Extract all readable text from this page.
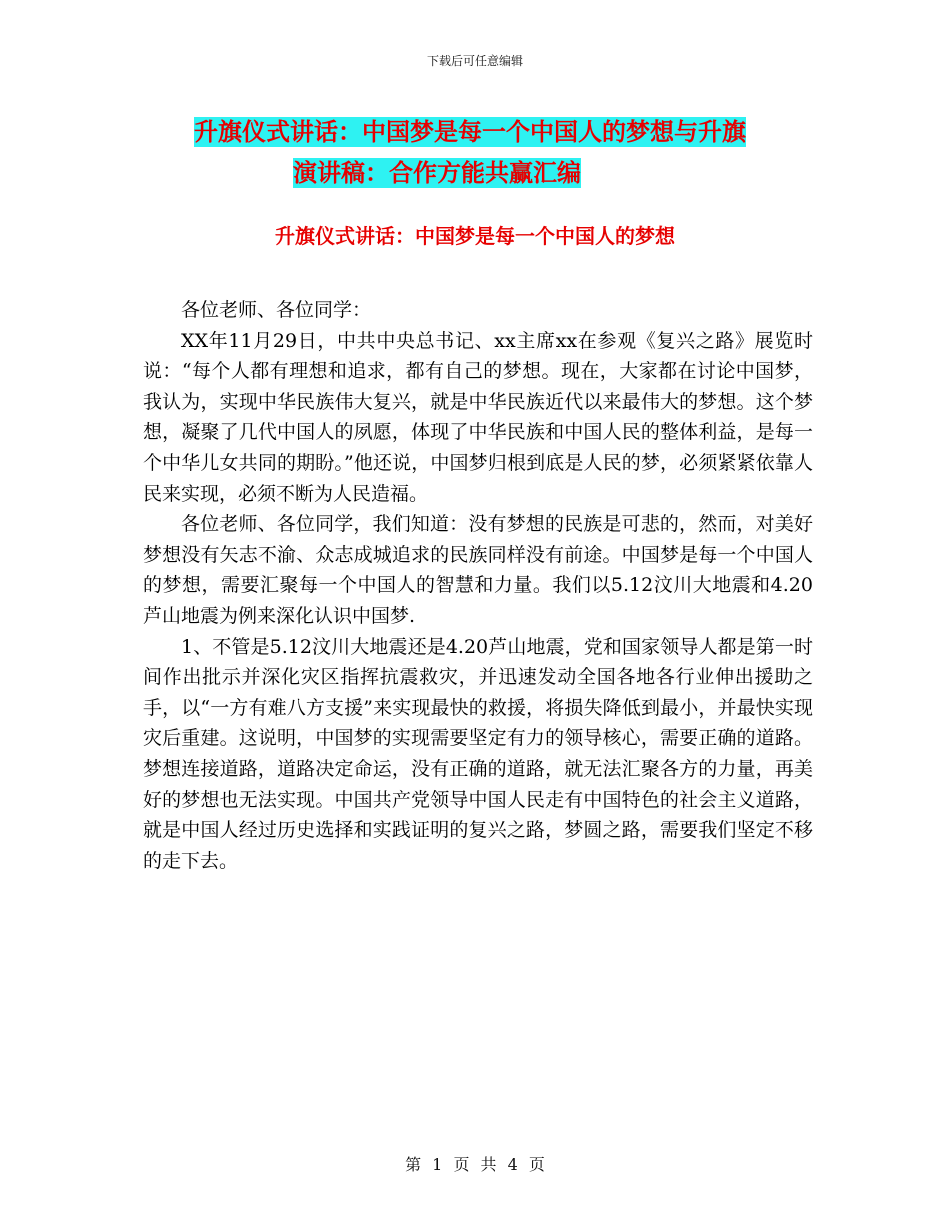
下载后可任意编辑
升旗仪式讲话：中国梦是每一个中国人的梦想与升旗
演讲稿：合作方能共赢汇编
升旗仪式讲话：中国梦是每一个中国人的梦想

各位老师、各位同学：

XX年11月29日，中共中央总书记、xx主席xx在参观《复兴之路》展览时说：“每个人都有理想和追求，都有自己的梦想。现在，大家都在讨论中国梦，我认为，实现中华民族伟大复兴，就是中华民族近代以来最伟大的梦想。这个梦想，凝聚了几代中国人的夙愿，体现了中华民族和中国人民的整体利益，是每一个中华儿女共同的期盼。”他还说，中国梦归根到底是人民的梦，必须紧紧依靠人民来实现，必须不断为人民造福。

各位老师、各位同学，我们知道：没有梦想的民族是可悲的，然而，对美好梦想没有矢志不渝、众志成城追求的民族同样没有前途。中国梦是每一个中国人的梦想，需要汇聚每一个中国人的智慧和力量。我们以5.12汶川大地震和4.20芦山地震为例来深化认识中国梦.

1、不管是5.12汶川大地震还是4.20芦山地震，党和国家领导人都是第一时间作出批示并深化灾区指挥抗震救灾，并迅速发动全国各地各行业伸出援助之手，以“一方有难八方支援”来实现最快的救援，将损失降低到最小，并最快实现灾后重建。这说明，中国梦的实现需要坚定有力的领导核心，需要正确的道路。梦想连接道路，道路决定命运，没有正确的道路，就无法汇聚各方的力量，再美好的梦想也无法实现。中国共产党领导中国人民走有中国特色的社会主义道路，就是中国人经过历史选择和实践证明的复兴之路，梦圆之路，需要我们坚定不移的走下去。

第 1 页 共 4 页
